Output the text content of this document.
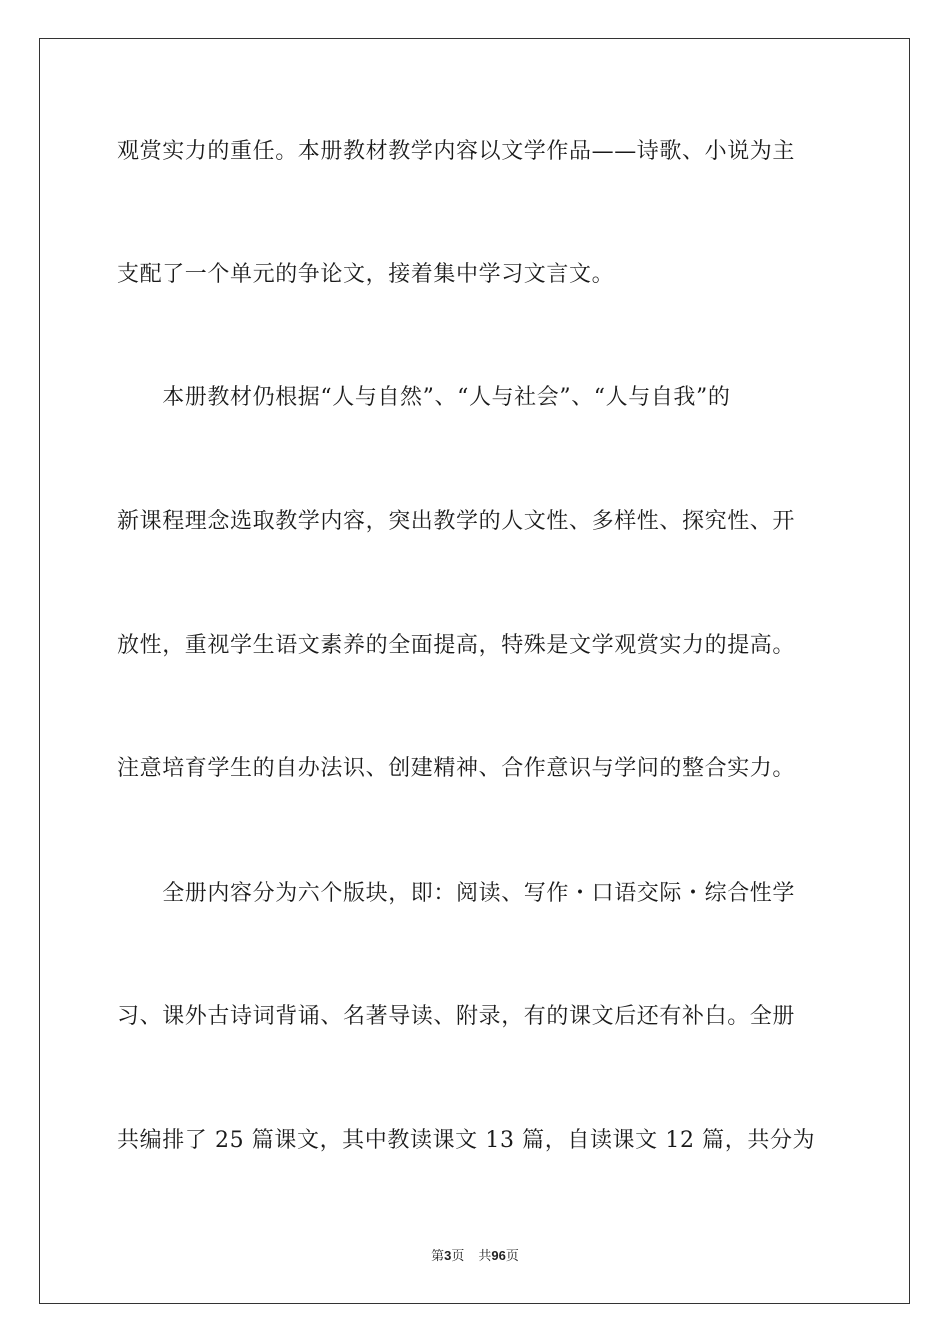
观赏实力的重任。本册教材教学内容以文学作品——诗歌、小说为主
支配了一个单元的争论文，接着集中学习文言文。
　　本册教材仍根据“人与自然”、“人与社会”、“人与自我”的
新课程理念选取教学内容，突出教学的人文性、多样性、探究性、开
放性，重视学生语文素养的全面提高，特殊是文学观赏实力的提高。
注意培育学生的自办法识、创建精神、合作意识与学问的整合实力。
　　全册内容分为六个版块，即：阅读、写作・口语交际・综合性学
习、课外古诗词背诵、名著导读、附录，有的课文后还有补白。全册
共编排了 25 篇课文，其中教读课文 13 篇，自读课文 12 篇，共分为
第3页 共96页
